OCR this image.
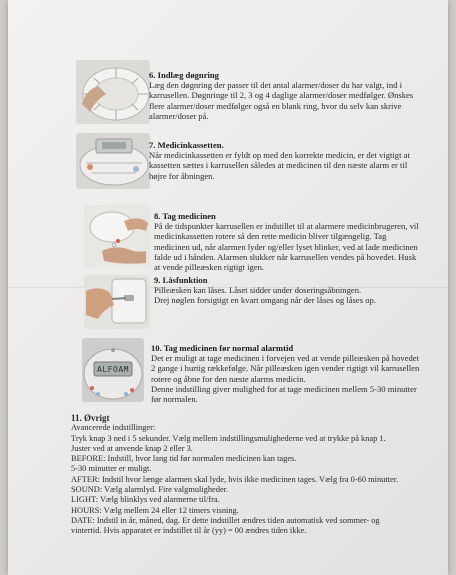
6. Indlæg døgnring

Læg den døgnring der passer til det antal alarmer/doser du har valgt, ind i

karrusellen. Døgnringe til 2, 3 og 4 daglige alarmer/doser medfølger. Ønskes

flere alarmer/doser medfølger også en blank ring, hvor du selv kan skrive

alarmer/doser på.

7. Medicinkassetten.

Når medicinkassetten er fyldt op med den korrekte medicin, er det vigtigt at

kassetten sættes i karrusellen således at medicinen til den næste alarm er til

højre for åbningen.

8. Tag medicinen

På de tidspunkter karrusellen er indstillet til at alarmere medicinbrugeren, vil

medicinkassetten rotere så den rette medicin bliver tilgængelig. Tag

medicinen ud, når alarmen lyder og/eller lyset blinker, ved at lade medicinen

falde ud i hånden. Alarmen slukker når karrusellen vendes på hovedet. Husk

at vende pilleæsken rigtigt igen.

9. Låsfunktion

Pilleæsken kan låses. Låset sidder under doseringsåbningen.

Drej nøglen forsigtigt en kvart omgang når der låses og låses op.

ALFOAM

10. Tag medicinen før normal alarmtid

Det er muligt at tage medicinen i forvejen ved at vende pilleæsken på hovedet

2 gange i hurtig rækkefølge. Når pilleæsken igen vender rigtigt vil karrusellen

rotere og åbne for den næste alarms medicin.

Denne indstilling giver mulighed for at tage medicinen mellem 5-30 minutter

før normalen.

11. Øvrigt

Avancerede indstillinger:

Tryk knap 3 ned i 5 sekunder. Vælg mellem indstillingsmulighederne ved at trykke på knap 1.

Juster ved at anvende knap 2 eller 3.

BEFORE: Indstill, hvor lang tid før normalen medicinen kan tages.

5-30 minutter er muligt.

AFTER: Indstil hvor længe alarmen skal lyde, hvis ikke medicinen tages. Vælg fra 0-60 minutter.

SOUND: Vælg alarmlyd. Fire valgmuligheder.

LIGHT: Vælg blinklys ved alarmerne til/fra.

HOURS: Vælg mellem 24 eller 12 timers visning.

DATE: Indstil in år, måned, dag. Er dette indstillet ændres tiden automatisk ved sommer- og

vintertid. Hvis apparatet er indstillet til år (yy) = 00 ændres tiden ikke.
